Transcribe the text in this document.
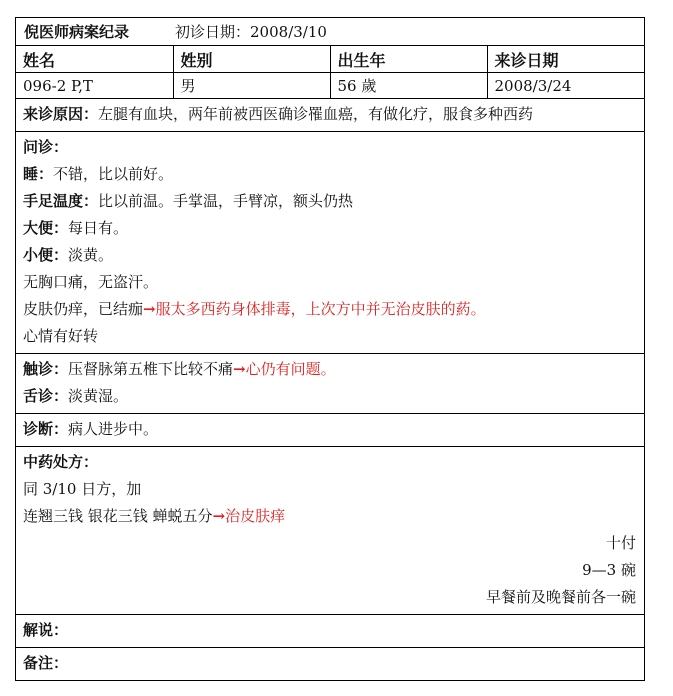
倪医师病案纪录	初诊日期：2008/3/10
姓名	姓别	出生年	来诊日期
096-2 P,T	男	56 歲	2008/3/24
来诊原因：左腿有血块，两年前被西医确诊罹血癌，有做化疗，服食多种西药
问诊：
睡：不错，比以前好。
手足温度：比以前温。手掌温，手臂凉，额头仍热
大便：每日有。
小便：淡黄。
无胸口痛，无盗汗。
皮肤仍痒，已结痂→服太多西药身体排毒，上次方中并无治皮肤的葯。
心情有好转
触诊：压督脉第五椎下比较不痛→心仍有问题。
舌诊：淡黄湿。
诊断：病人进步中。
中药处方：
同 3/10 日方，加
连翘三钱 银花三钱 蝉蜕五分→治皮肤痒
十付
9—3 碗
早餐前及晚餐前各一碗
解说：
备注：
